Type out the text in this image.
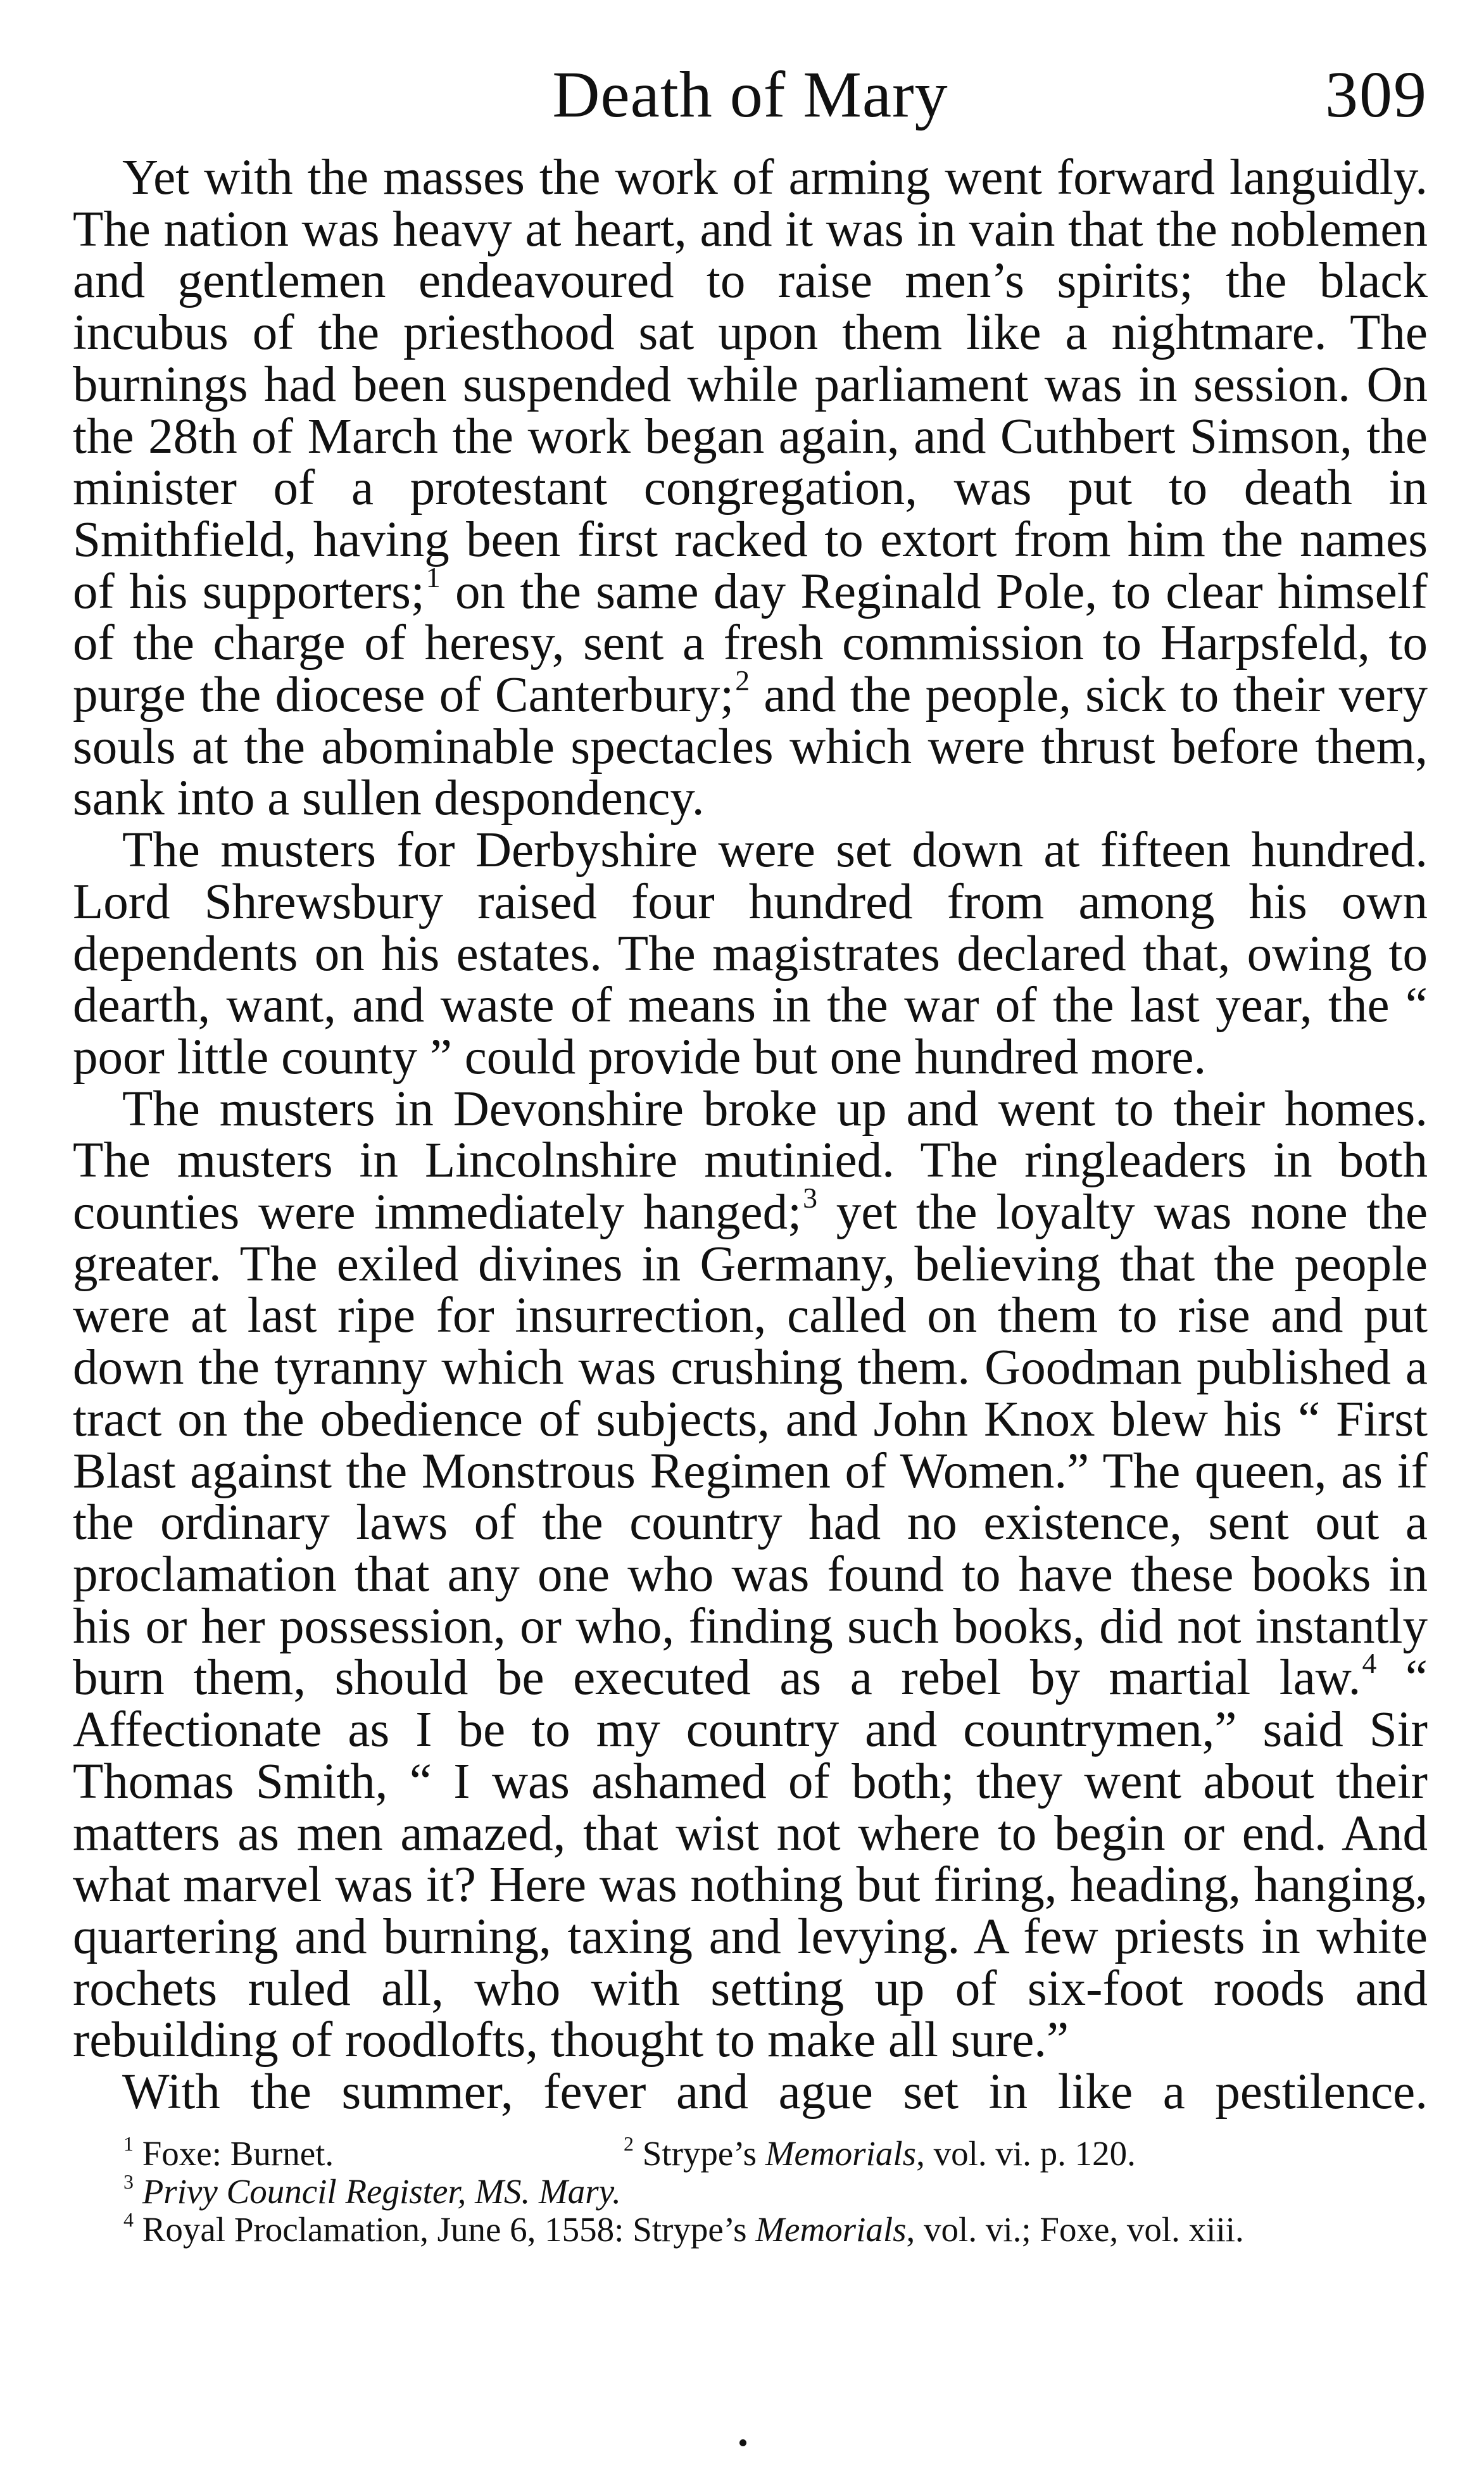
Death of Mary	309

Yet with the masses the work of arming went forward languidly. The nation was heavy at heart, and it was in vain that the noblemen and gentlemen endeavoured to raise men’s spirits; the black incubus of the priesthood sat upon them like a nightmare. The burnings had been suspended while parliament was in session. On the 28th of March the work began again, and Cuthbert Simson, the minister of a protestant congregation, was put to death in Smithfield, having been first racked to extort from him the names of his supporters;$^1$ on the same day Reginald Pole, to clear himself of the charge of heresy, sent a fresh commission to Harpsfeld, to purge the diocese of Canterbury;$^2$ and the people, sick to their very souls at the abominable spectacles which were thrust before them, sank into a sullen despondency.

The musters for Derbyshire were set down at fifteen hundred. Lord Shrewsbury raised four hundred from among his own dependents on his estates. The magistrates declared that, owing to dearth, want, and waste of means in the war of the last year, the “ poor little county ” could provide but one hundred more.

The musters in Devonshire broke up and went to their homes. The musters in Lincolnshire mutinied. The ringleaders in both counties were immediately hanged;$^3$ yet the loyalty was none the greater. The exiled divines in Germany, believing that the people were at last ripe for insurrection, called on them to rise and put down the tyranny which was crushing them. Goodman published a tract on the obedience of subjects, and John Knox blew his “ First Blast against the Monstrous Regimen of Women.” The queen, as if the ordinary laws of the country had no existence, sent out a proclamation that any one who was found to have these books in his or her possession, or who, finding such books, did not instantly burn them, should be executed as a rebel by martial law.$^4$ “ Affectionate as I be to my country and countrymen,” said Sir Thomas Smith, “ I was ashamed of both; they went about their matters as men amazed, that wist not where to begin or end. And what marvel was it? Here was nothing but firing, heading, hanging, quartering and burning, taxing and levying. A few priests in white rochets ruled all, who with setting up of six-foot roods and rebuilding of roodlofts, thought to make all sure.”

With the summer, fever and ague set in like a pestilence.

$^1$ Foxe: Burnet.	$^2$ Strype’s Memorials, vol. vi. p. 120.
$^3$ Privy Council Register, MS. Mary.
$^4$ Royal Proclamation, June 6, 1558: Strype’s Memorials, vol. vi.; Foxe, vol. xiii.
